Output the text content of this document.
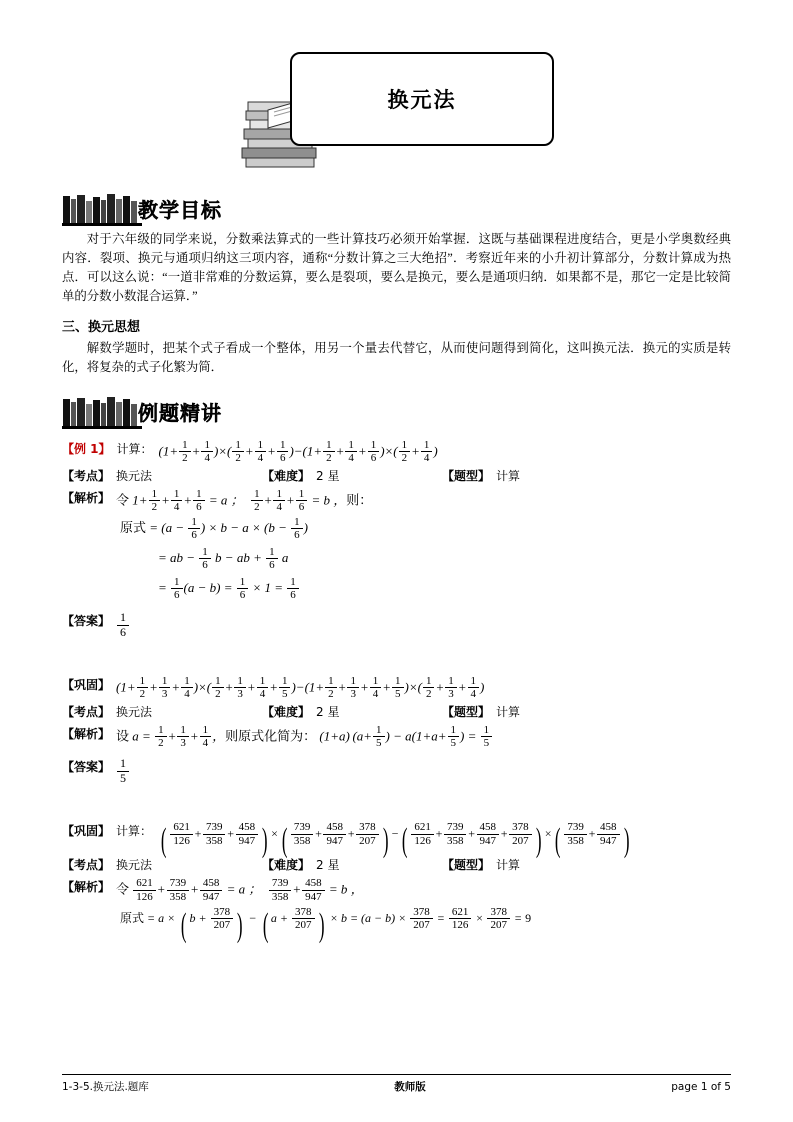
换元法
教学目标

对于六年级的同学来说，分数乘法算式的一些计算技巧必须开始掌握．这既与基础课程进度结合，更是小学奥数经典内容．裂项、换元与通项归纳这三项内容，通称“分数计算之三大绝招”．考察近年来的小升初计算部分，分数计算成为热点．可以这么说：“一道非常难的分数运算，要么是裂项，要么是换元，要么是通项归纳．如果都不是，那它一定是比较简单的分数小数混合运算．”

三、换元思想

解数学题时，把某个式子看成一个整体，用另一个量去代替它，从而使问题得到简化，这叫换元法．换元的实质是转化，将复杂的式子化繁为简．

例题精讲
【例 1】 计算： ($1+ \frac{1}{2} + \frac{1}{4}$ )×( $\frac{1}{2} + \frac{1}{4} + \frac{1}{6} )-(1+ \frac{1}{2} + \frac{1}{4} + \frac{1}{6}$ )×( $\frac{1}{2} + \frac{1}{4}$ )
【考点】 换元法	【难度】 2 星	【题型】 计算
【解析】 令 $1+ \frac{1}{2} + \frac{1}{4} + \frac{1}{6} = a$ ； $\frac{1}{2} + \frac{1}{4} + \frac{1}{6} = b$ ，则：
原式 = ($a - \frac{1}{6}$ ) × $b - a \times (b - \frac{1}{6}$ )
= ab − $\frac{1}{6}$ b − ab + $\frac{1}{6}$ a
= $\frac{1}{6} (a - b) = \frac{1}{6} \times 1 = \frac{1}{6}$
【答案】 $\frac{1}{6}$
【巩固】 ($1+ \frac{1}{2} + \frac{1}{3} + \frac{1}{4}$ )×( $\frac{1}{2} + \frac{1}{3} + \frac{1}{4} + \frac{1}{5} )-(1+ \frac{1}{2} + \frac{1}{3} + \frac{1}{4} + \frac{1}{5}$ )×( $\frac{1}{2} + \frac{1}{3} + \frac{1}{4}$ )
【考点】 换元法	【难度】 2 星	【题型】 计算
【解析】 设 $a = \frac{1}{2} + \frac{1}{3} + \frac{1}{4}$ ，则原式化简为： (1+a) ($a+ \frac{1}{5}$ ) − $a(1+a+ \frac{1}{5}$ ) = $\frac{1}{5}$
【答案】 $\frac{1}{5}$
【巩固】 计算： ( $\frac{621}{126} + \frac{739}{358} + \frac{458}{947}$ ) ×( $\frac{739}{358} + \frac{458}{947} + \frac{378}{207}$ ) −( $\frac{621}{126} + \frac{739}{358} + \frac{458}{947} + \frac{378}{207}$ ) ×( $\frac{739}{358} + \frac{458}{947}$ )
【考点】 换元法	【难度】 2 星	【题型】 计算
【解析】 令 $\frac{621}{126} + \frac{739}{358} + \frac{458}{947} = a$ ； $\frac{739}{358} + \frac{458}{947} = b$ ，
原式 = a × ( $b + \frac{378}{207}$ ) − ( $a + \frac{378}{207}$ ) × $b = (a - b) \times \frac{378}{207} = \frac{621}{126} \times \frac{378}{207} = 9$
1-3-5.换元法.题库	教师版	page 1 of 5
